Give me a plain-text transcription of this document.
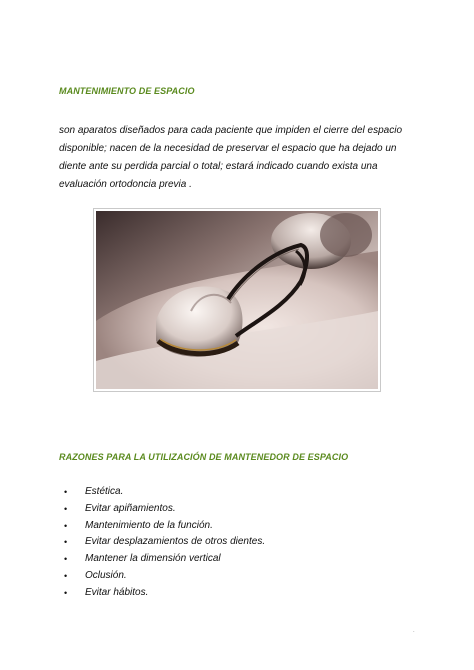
MANTENIMIENTO DE ESPACIO
son aparatos diseñados para cada paciente que impiden el cierre del espacio
disponible; nacen de la necesidad de preservar el espacio que ha dejado un
diente ante su perdida parcial o total; estará indicado cuando exista una
evaluación ortodoncia previa .
RAZONES PARA LA UTILIZACIÓN DE MANTENEDOR DE ESPACIO
• Estética.
• Evitar apiñamientos.
• Mantenimiento de la función.
• Evitar desplazamientos de otros dientes.
• Mantener la dimensión vertical
• Oclusión.
• Evitar hábitos.
.
